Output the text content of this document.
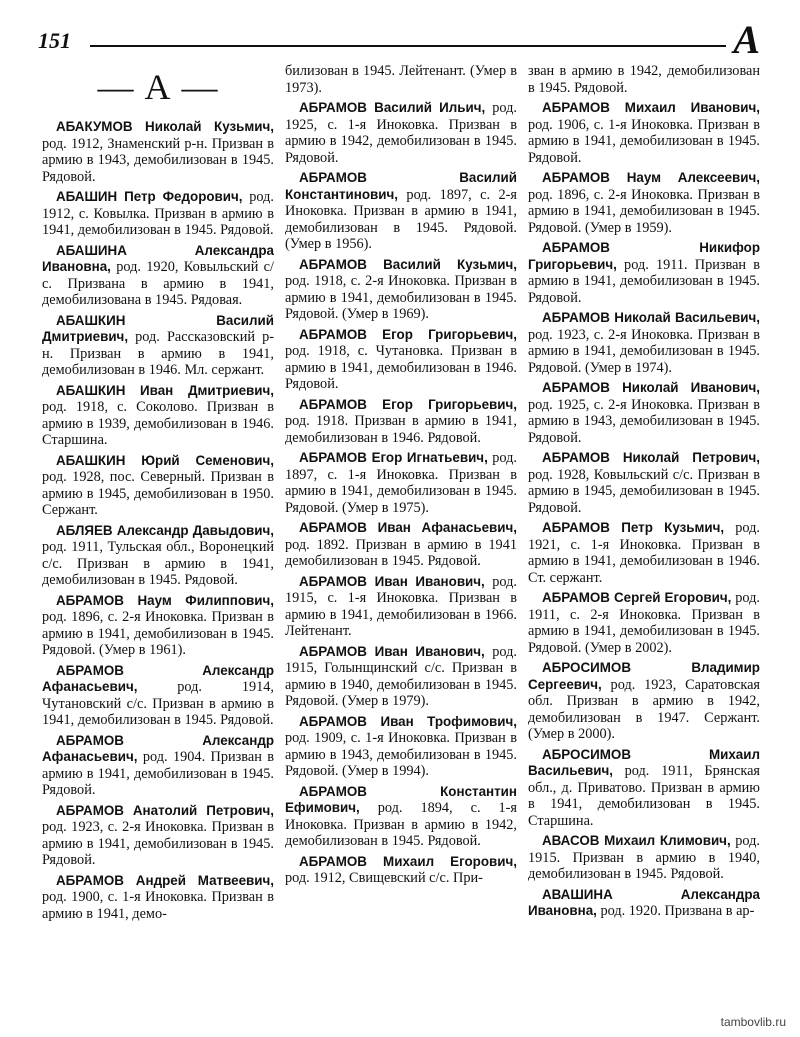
151	А
— А —

АБАКУМОВ Николай Кузьмич, род. 1912, Знаменский р-н. Призван в армию в 1943, демобилизован в 1945. Рядовой.

АБАШИН Петр Федорович, род. 1912, с. Ковылка. Призван в армию в 1941, демобилизован в 1945. Рядовой.

АБАШИНА Александра Ивановна, род. 1920, Ковыльский с/с. Призвана в армию в 1941, демобилизована в 1945. Рядовая.

АБАШКИН Василий Дмитриевич, род. Рассказовский р-н. Призван в армию в 1941, демобилизован в 1946. Мл. сержант.

АБАШКИН Иван Дмитриевич, род. 1918, с. Соколово. Призван в армию в 1939, демобилизован в 1946. Старшина.

АБАШКИН Юрий Семенович, род. 1928, пос. Северный. Призван в армию в 1945, демобилизован в 1950. Сержант.

АБЛЯЕВ Александр Давыдович, род. 1911, Тульская обл., Воронецкий с/с. Призван в армию в 1941, демобилизован в 1945. Рядовой.

АБРАМОВ Наум Филиппович, род. 1896, с. 2-я Иноковка. Призван в армию в 1941, демобилизован в 1945. Рядовой. (Умер в 1961).

АБРАМОВ Александр Афанасьевич, род. 1914, Чутановский с/с. Призван в армию в 1941, демобилизован в 1945. Рядовой.

АБРАМОВ Александр Афанасьевич, род. 1904. Призван в армию в 1941, демобилизован в 1945. Рядовой.

АБРАМОВ Анатолий Петрович, род. 1923, с. 2-я Иноковка. Призван в армию в 1941, демобилизован в 1945. Рядовой.

АБРАМОВ Андрей Матвеевич, род. 1900, с. 1-я Иноковка. Призван в армию в 1941, демо-

билизован в 1945. Лейтенант. (Умер в 1973).

АБРАМОВ Василий Ильич, род. 1925, с. 1-я Иноковка. Призван в армию в 1942, демобилизован в 1945. Рядовой.

АБРАМОВ Василий Константинович, род. 1897, с. 2-я Иноковка. Призван в армию в 1941, демобилизован в 1945. Рядовой. (Умер в 1956).

АБРАМОВ Василий Кузьмич, род. 1918, с. 2-я Иноковка. Призван в армию в 1941, демобилизован в 1945. Рядовой. (Умер в 1969).

АБРАМОВ Егор Григорьевич, род. 1918, с. Чутановка. Призван в армию в 1941, демобилизован в 1946. Рядовой.

АБРАМОВ Егор Григорьевич, род. 1918. Призван в армию в 1941, демобилизован в 1946. Рядовой.

АБРАМОВ Егор Игнатьевич, род. 1897, с. 1-я Иноковка. Призван в армию в 1941, демобилизован в 1945. Рядовой. (Умер в 1975).

АБРАМОВ Иван Афанасьевич, род. 1892. Призван в армию в 1941 демобилизован в 1945. Рядовой.

АБРАМОВ Иван Иванович, род. 1915, с. 1-я Иноковка. Призван в армию в 1941, демобилизован в 1966. Лейтенант.

АБРАМОВ Иван Иванович, род. 1915, Голынщинский с/с. Призван в армию в 1940, демобилизован в 1945. Рядовой. (Умер в 1979).

АБРАМОВ Иван Трофимович, род. 1909, с. 1-я Иноковка. Призван в армию в 1943, демобилизован в 1945. Рядовой. (Умер в 1994).

АБРАМОВ Константин Ефимович, род. 1894, с. 1-я Иноковка. Призван в армию в 1942, демобилизован в 1945. Рядовой.

АБРАМОВ Михаил Егорович, род. 1912, Свищевский с/с. При-

зван в армию в 1942, демобилизован в 1945. Рядовой.

АБРАМОВ Михаил Иванович, род. 1906, с. 1-я Иноковка. Призван в армию в 1941, демобилизован в 1945. Рядовой.

АБРАМОВ Наум Алексеевич, род. 1896, с. 2-я Иноковка. Призван в армию в 1941, демобилизован в 1945. Рядовой. (Умер в 1959).

АБРАМОВ Никифор Григорьевич, род. 1911. Призван в армию в 1941, демобилизован в 1945. Рядовой.

АБРАМОВ Николай Васильевич, род. 1923, с. 2-я Иноковка. Призван в армию в 1941, демобилизован в 1945. Рядовой. (Умер в 1974).

АБРАМОВ Николай Иванович, род. 1925, с. 2-я Иноковка. Призван в армию в 1943, демобилизован в 1945. Рядовой.

АБРАМОВ Николай Петрович, род. 1928, Ковыльский с/с. Призван в армию в 1945, демобилизован в 1945. Рядовой.

АБРАМОВ Петр Кузьмич, род. 1921, с. 1-я Иноковка. Призван в армию в 1941, демобилизован в 1946. Ст. сержант.

АБРАМОВ Сергей Егорович, род. 1911, с. 2-я Иноковка. Призван в армию в 1941, демобилизован в 1945. Рядовой. (Умер в 2002).

АБРОСИМОВ Владимир Сергеевич, род. 1923, Саратовская обл. Призван в армию в 1942, демобилизован в 1947. Сержант. (Умер в 2000).

АБРОСИМОВ Михаил Васильевич, род. 1911, Брянская обл., д. Приватово. Призван в армию в 1941, демобилизован в 1945. Старшина.

АВАСОВ Михаил Климович, род. 1915. Призван в армию в 1940, демобилизован в 1945. Рядовой.

АВАШИНА Александра Ивановна, род. 1920. Призвана в ар-

tambovlib.ru
